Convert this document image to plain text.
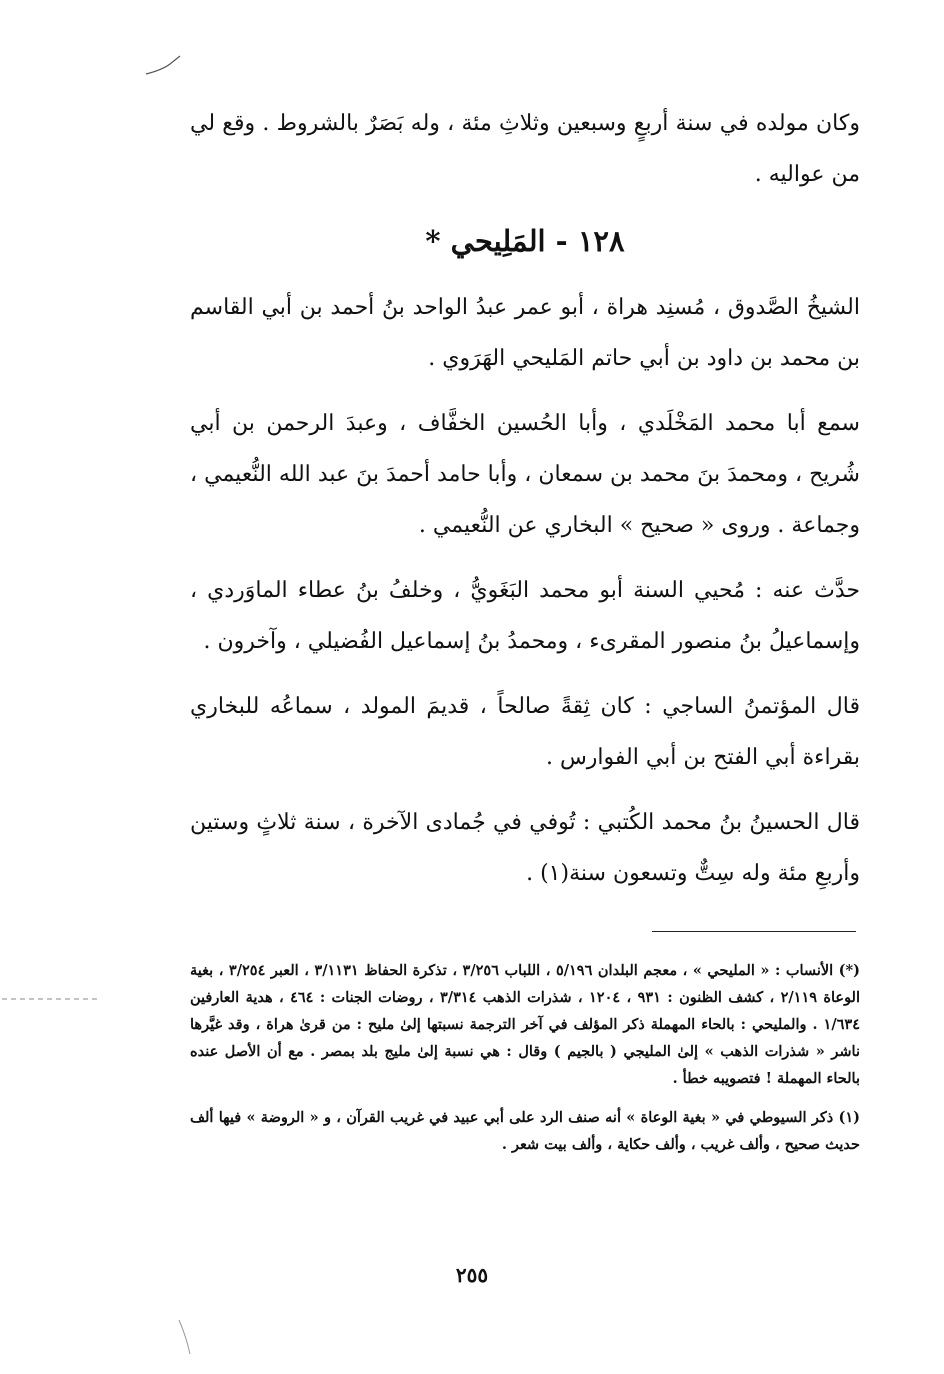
وكان مولده في سنة أربعٍ وسبعين وثلاثِ مئة ، وله بَصَرٌ بالشروط . وقع لي من عواليه .

١٢٨ - المَلِيحي *

الشيخُ الصَّدوق ، مُسنِد هراة ، أبو عمر عبدُ الواحد بنُ أحمد بن أبي القاسم بن محمد بن داود بن أبي حاتم المَليحي الهَرَوي .

سمع أبا محمد المَخْلَدي ، وأبا الحُسين الخفَّاف ، وعبدَ الرحمن بن أبي شُريح ، ومحمدَ بنَ محمد بن سمعان ، وأبا حامد أحمدَ بنَ عبد الله النُّعيمي ، وجماعة . وروى « صحيح » البخاري عن النُّعيمي .

حدَّث عنه : مُحيي السنة أبو محمد البَغَويُّ ، وخلفُ بنُ عطاء الماوَردي ، وإسماعيلُ بنُ منصور المقرىء ، ومحمدُ بنُ إسماعيل الفُضيلي ، وآخرون .

قال المؤتمنُ الساجي : كان ثِقةً صالحاً ، قديمَ المولد ، سماعُه للبخاري بقراءة أبي الفتح بن أبي الفوارس .

قال الحسينُ بنُ محمد الكُتبي : تُوفي في جُمادى الآخرة ، سنة ثلاثٍ وستين وأربعِ مئة وله سِتٌّ وتسعون سنة(١) .

(*) الأنساب : « المليحي » ، معجم البلدان ٥/١٩٦ ، اللباب ٣/٢٥٦ ، تذكرة الحفاظ ٣/١١٣١ ، العبر ٣/٢٥٤ ، بغية الوعاة ٢/١١٩ ، كشف الظنون : ٩٣١ ، ١٢٠٤ ، شذرات الذهب ٣/٣١٤ ، روضات الجنات : ٤٦٤ ، هدية العارفين ١/٦٣٤ . والمليحي : بالحاء المهملة ذكر المؤلف في آخر الترجمة نسبتها إلىٰ مليح : من قرىٰ هراة ، وقد غيَّرها ناشر « شذرات الذهب » إلىٰ المليجي ( بالجيم ) وقال : هي نسبة إلىٰ مليج بلد بمصر . مع أن الأصل عنده بالحاء المهملة ! فتصويبه خطأ .

(١) ذكر السيوطي في « بغية الوعاة » أنه صنف الرد على أبي عبيد في غريب القرآن ، و « الروضة » فيها ألف حديث صحيح ، وألف غريب ، وألف حكاية ، وألف بيت شعر .

٢٥٥
